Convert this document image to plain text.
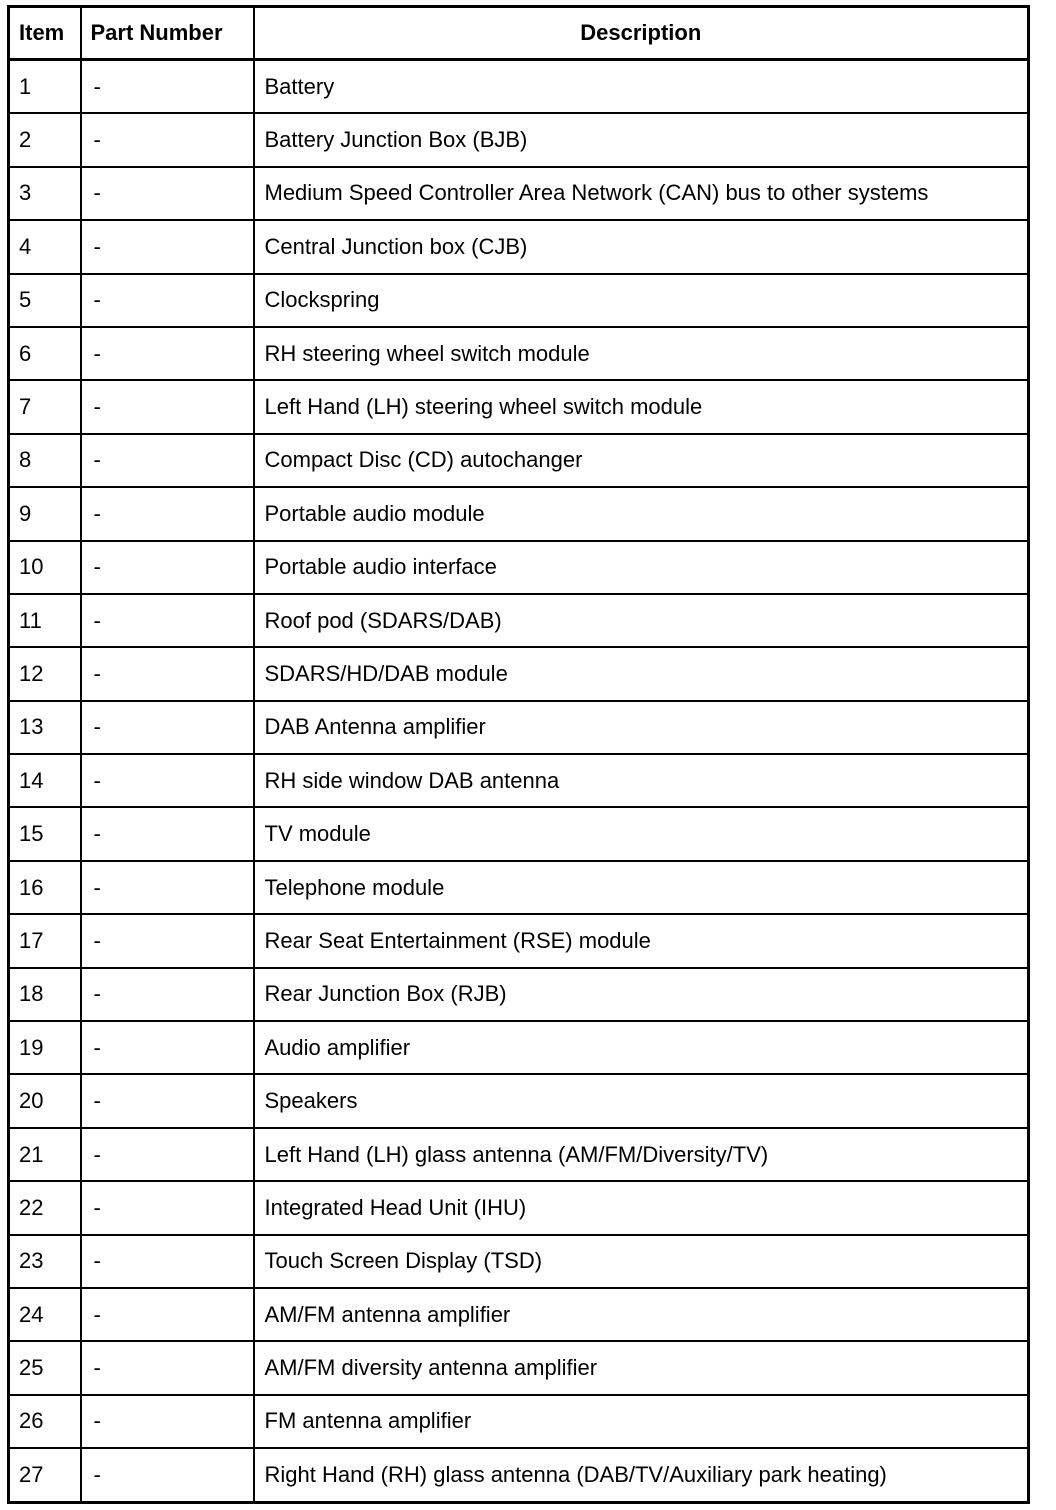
Item	Part Number	Description
1	-	Battery
2	-	Battery Junction Box (BJB)
3	-	Medium Speed Controller Area Network (CAN) bus to other systems
4	-	Central Junction box (CJB)
5	-	Clockspring
6	-	RH steering wheel switch module
7	-	Left Hand (LH) steering wheel switch module
8	-	Compact Disc (CD) autochanger
9	-	Portable audio module
10	-	Portable audio interface
11	-	Roof pod (SDARS/DAB)
12	-	SDARS/HD/DAB module
13	-	DAB Antenna amplifier
14	-	RH side window DAB antenna
15	-	TV module
16	-	Telephone module
17	-	Rear Seat Entertainment (RSE) module
18	-	Rear Junction Box (RJB)
19	-	Audio amplifier
20	-	Speakers
21	-	Left Hand (LH) glass antenna (AM/FM/Diversity/TV)
22	-	Integrated Head Unit (IHU)
23	-	Touch Screen Display (TSD)
24	-	AM/FM antenna amplifier
25	-	AM/FM diversity antenna amplifier
26	-	FM antenna amplifier
27	-	Right Hand (RH) glass antenna (DAB/TV/Auxiliary park heating)
